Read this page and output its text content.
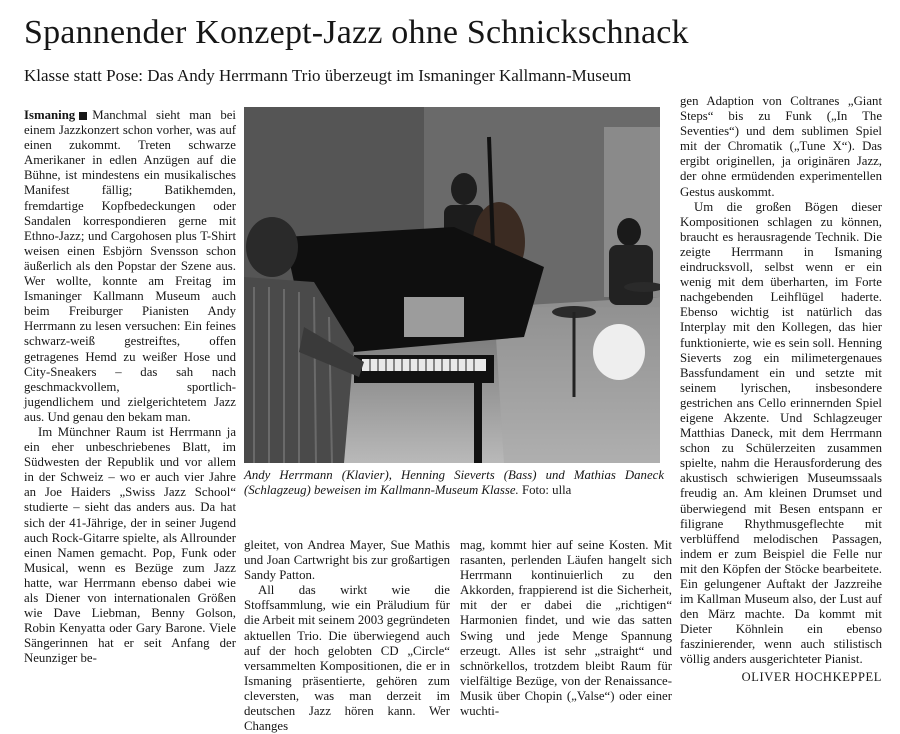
Spannender Konzept-Jazz ohne Schnickschnack
Klasse statt Pose: Das Andy Herrmann Trio überzeugt im Ismaninger Kallmann-Museum

Ismaning Manchmal sieht man bei einem Jazzkonzert schon vorher, was auf einen zukommt. Treten schwarze Amerikaner in edlen Anzügen auf die Bühne, ist mindestens ein musikalisches Manifest fällig; Batikhemden, fremdartige Kopfbedeckungen oder Sandalen korrespondieren gerne mit Ethno-Jazz; und Cargohosen plus T-Shirt weisen einen Esbjörn Svensson schon äußerlich als den Popstar der Szene aus. Wer wollte, konnte am Freitag im Ismaninger Kallmann Museum auch beim Freiburger Pianisten Andy Herrmann zu lesen versuchen: Ein feines schwarz-weiß gestreiftes, offen getragenes Hemd zu weißer Hose und City-Sneakers – das sah nach geschmackvollem, sportlich-jugendlichem und zielgerichtetem Jazz aus. Und genau den bekam man.

Im Münchner Raum ist Herrmann ja ein eher unbeschriebenes Blatt, im Südwesten der Republik und vor allem in der Schweiz – wo er auch vier Jahre an Joe Haiders „Swiss Jazz School“ studierte – sieht das anders aus. Da hat sich der 41-Jährige, der in seiner Jugend auch Rock-Gitarre spielte, als Allrounder einen Namen gemacht. Pop, Funk oder Musical, wenn es Bezüge zum Jazz hatte, war Herrmann ebenso dabei wie als Diener von internationalen Größen wie Dave Liebman, Benny Golson, Robin Kenyatta oder Gary Barone. Viele Sängerinnen hat er seit Anfang der Neunziger be-

Andy Herrmann (Klavier), Henning Sieverts (Bass) und Mathias Daneck (Schlagzeug) beweisen im Kallmann-Museum Klasse. Foto: ulla

gleitet, von Andrea Mayer, Sue Mathis und Joan Cartwright bis zur großartigen Sandy Patton.

All das wirkt wie die Stoffsammlung, wie ein Präludium für die Arbeit mit seinem 2003 gegründeten aktuellen Trio. Die überwiegend auch auf der hoch gelobten CD „Circle“ versammelten Kompositionen, die er in Ismaning präsentierte, gehören zum cleversten, was man derzeit im deutschen Jazz hören kann. Wer Changes

mag, kommt hier auf seine Kosten. Mit rasanten, perlenden Läufen hangelt sich Herrmann kontinuierlich zu den Akkorden, frappierend ist die Sicherheit, mit der er dabei die „richtigen“ Harmonien findet, und wie das satten Swing und jede Menge Spannung erzeugt. Alles ist sehr „straight“ und schnörkellos, trotzdem bleibt Raum für vielfältige Bezüge, von der Renaissance-Musik über Chopin („Valse“) oder einer wuchti-

gen Adaption von Coltranes „Giant Steps“ bis zu Funk („In The Seventies“) und dem sublimen Spiel mit der Chromatik („Tune X“). Das ergibt originellen, ja originären Jazz, der ohne ermüdenden experimentellen Gestus auskommt.

Um die großen Bögen dieser Kompositionen schlagen zu können, braucht es herausragende Technik. Die zeigte Herrmann in Ismaning eindrucksvoll, selbst wenn er ein wenig mit dem überharten, im Forte nachgebenden Leihflügel haderte. Ebenso wichtig ist natürlich das Interplay mit den Kollegen, das hier funktionierte, wie es sein soll. Henning Sieverts zog ein milimetergenaues Bassfundament ein und setzte mit seinem lyrischen, insbesondere gestrichen ans Cello erinnernden Spiel eigene Akzente. Und Schlagzeuger Matthias Daneck, mit dem Herrmann schon zu Schülerzeiten zusammen spielte, nahm die Herausforderung des akustisch schwierigen Museumssaals freudig an. Am kleinen Drumset und überwiegend mit Besen entspann er filigrane Rhythmusgeflechte mit verblüffend melodischen Passagen, indem er zum Beispiel die Felle nur mit den Köpfen der Stöcke bearbeitete. Ein gelungener Auftakt der Jazzreihe im Kallman Museum also, der Lust auf den März machte. Da kommt mit Dieter Köhnlein ein ebenso faszinierender, wenn auch stilistisch völlig anders ausgerichteter Pianist.

OLIVER HOCHKEPPEL
